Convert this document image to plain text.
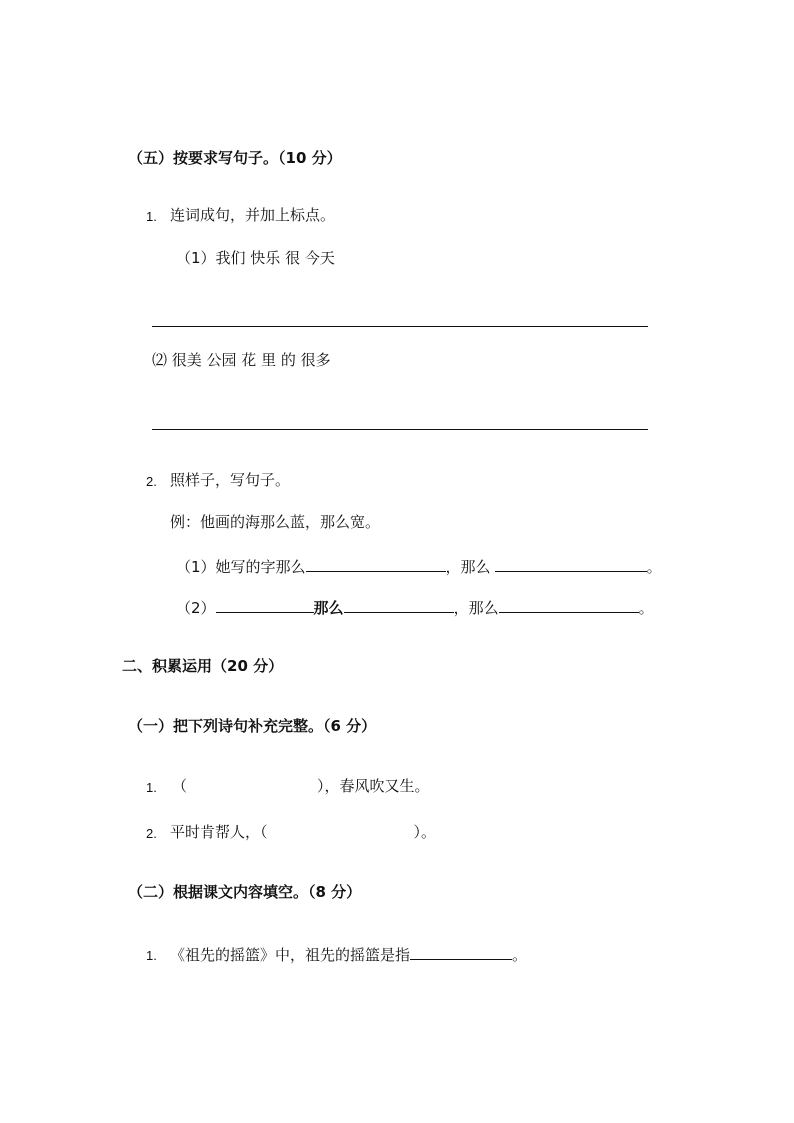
（五）按要求写句子。（10 分）
1. 连词成句，并加上标点。
（1）我们 快乐 很 今天
⑵ 很美 公园 花 里 的 很多
2. 照样子，写句子。
例：他画的海那么蓝，那么宽。
（1）她写的字那么	，那么	。
（2）	那么	，那么	。
二、积累运用（20 分）
（一）把下列诗句补充完整。（6 分）
1. （	），春风吹又生。
2. 平时肯帮人，（	）。
（二）根据课文内容填空。（8 分）
1. 《祖先的摇篮》中，祖先的摇篮是指	。
